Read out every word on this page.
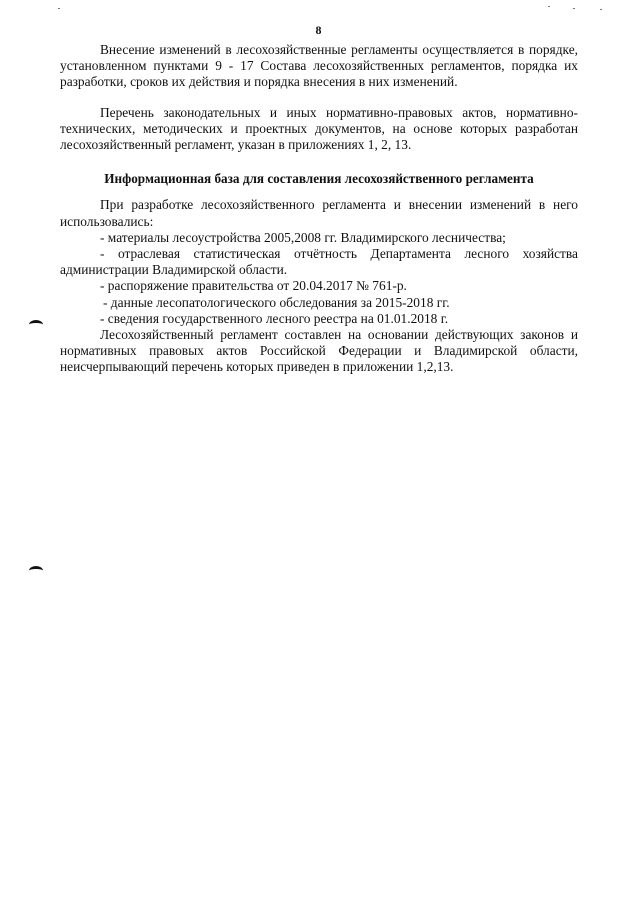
8

Внесение изменений в лесохозяйственные регламенты осуществляется в порядке, установленном пунктами 9 - 17 Состава лесохозяйственных регламентов, порядка их разработки, сроков их действия и порядка внесения в них изменений.

Перечень законодательных и иных нормативно-правовых актов, нормативно-технических, методических и проектных документов, на основе которых разработан лесохозяйственный регламент, указан в приложениях 1, 2, 13.

Информационная база для составления лесохозяйственного регламента

При разработке лесохозяйственного регламента и внесении изменений в него использовались:

- материалы лесоустройства 2005,2008 гг. Владимирского лесничества;

- отраслевая статистическая отчётность Департамента лесного хозяйства администрации Владимирской области.

- распоряжение правительства от 20.04.2017 № 761-р.

- данные лесопатологического обследования за 2015-2018 гг.

- сведения государственного лесного реестра на 01.01.2018 г.

Лесохозяйственный регламент составлен на основании действующих законов и нормативных правовых актов Российской Федерации и Владимирской области, неисчерпывающий перечень которых приведен в приложении 1,2,13.
